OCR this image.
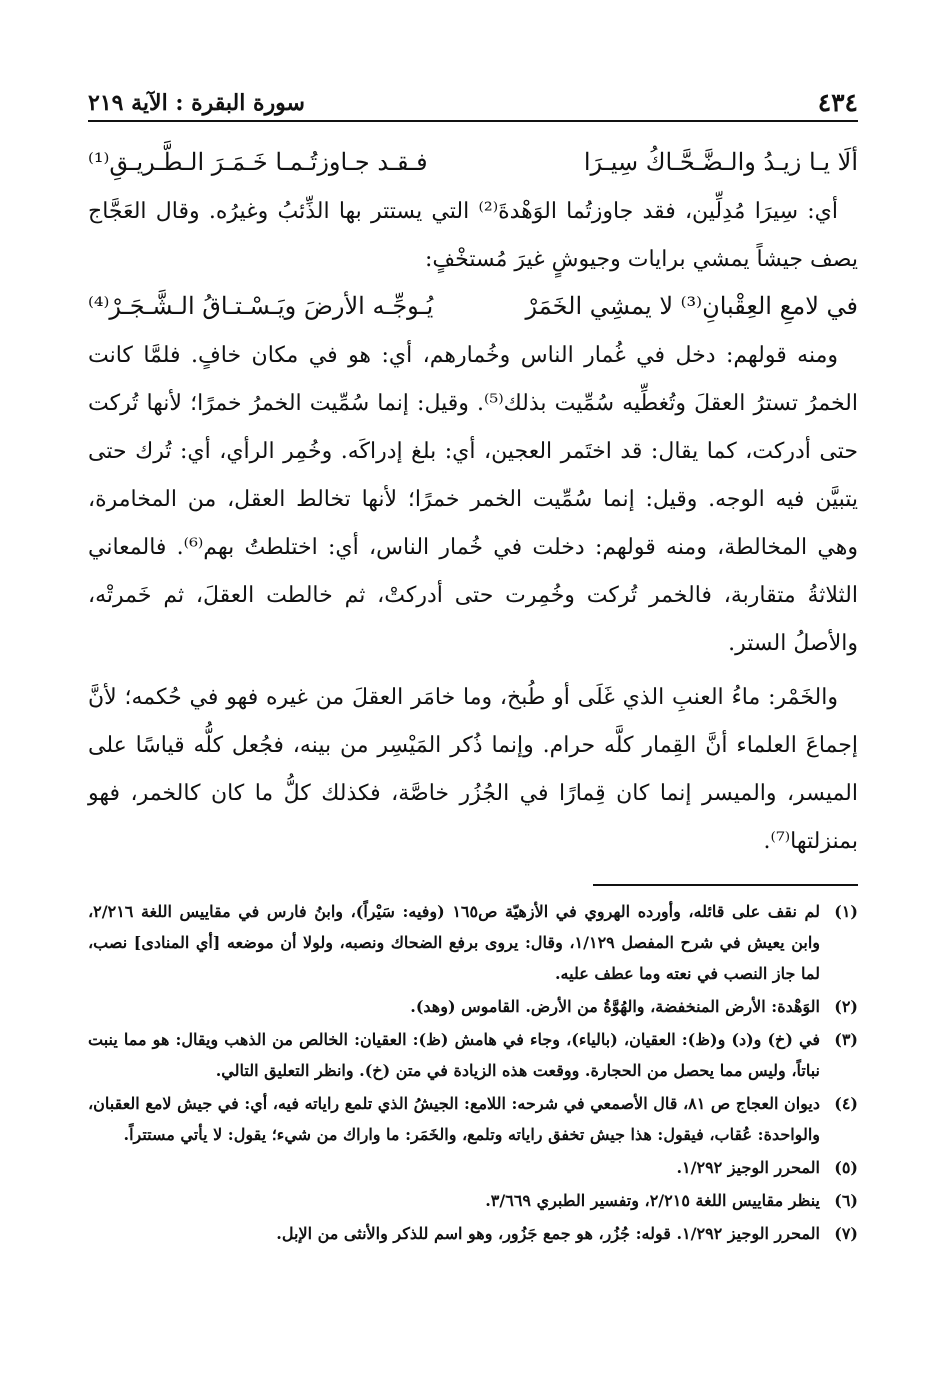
٤٣٤
سورة البقرة : الآية ٢١٩
ألَا يـا زيـدُ والـضَّـحَّـاكُ سِيـرَا
فـقـد جـاوزتُـمـا خَـمَـرَ الـطَّـريـقِ⁽¹⁾

أي: سِيرَا مُدِلِّين، فقد جاوزتُما الوَهْدةَ⁽²⁾ التي يستتر بها الذِّئبُ وغيرُه. وقال العَجَّاج يصف جيشاً يمشي برايات وجيوشٍ غيرَ مُستخْفٍ:

في لامعِ العِقْبانِ⁽³⁾ لا يمشِي الخَمَرْ
يُـوجِّـه الأرضَ ويَـسْـتـاقُ الـشَّـجَـرْ⁽⁴⁾

ومنه قولهم: دخل في غُمار الناس وخُمارهم، أي: هو في مكان خافٍ. فلمَّا كانت الخمرُ تسترُ العقلَ وتُغطِّيه سُمِّيت بذلك⁽⁵⁾. وقيل: إنما سُمِّيت الخمرُ خمرًا؛ لأنها تُركت حتى أدركت، كما يقال: قد اختَمر العجين، أي: بلغ إدراكَه. وخُمِر الرأي، أي: تُرك حتى يتبيَّن فيه الوجه. وقيل: إنما سُمِّيت الخمر خمرًا؛ لأنها تخالط العقل، من المخامرة، وهي المخالطة، ومنه قولهم: دخلت في خُمار الناس، أي: اختلطتُ بهم⁽⁶⁾. فالمعاني الثلاثةُ متقاربة، فالخمر تُركت وخُمِرت حتى أدركتْ، ثم خالطت العقلَ، ثم خَمرتْه، والأصلُ الستر.

والخَمْر: ماءُ العنبِ الذي غَلَى أو طُبخ، وما خامَر العقلَ من غيره فهو في حُكمه؛ لأنَّ إجماعَ العلماء أنَّ القِمار كلَّه حرام. وإنما ذُكر المَيْسِر من بينه، فجُعل كلُّه قياسًا على الميسر، والميسر إنما كان قِمارًا في الجُزُر خاصَّة، فكذلك كلُّ ما كان كالخمر، فهو بمنزلتها⁽⁷⁾.

(١)
لم نقف على قائله، وأورده الهروي في الأزهيّة ص١٦٥ (وفيه: سَيْراً)، وابنُ فارس في مقاييس اللغة ٢/٢١٦، وابن يعيش في شرح المفصل ١/١٢٩، وقال: يروى برفع الضحاك ونصبه، ولولا أن موضعه [أي المنادى] نصب، لما جاز النصب في نعته وما عطف عليه.
(٢)
الوَهْدة: الأرض المنخفضة، والهُوَّةُ من الأرض. القاموس (وهد).
(٣)
في (خ) و(د) و(ظ): العقيان، (بالياء)، وجاء في هامش (ظ): العقيان: الخالص من الذهب ويقال: هو مما ينبت نباتاً، وليس مما يحصل من الحجارة. ووقعت هذه الزيادة في متن (خ). وانظر التعليق التالي.
(٤)
ديوان العجاج ص ٨١، قال الأصمعي في شرحه: اللامع: الجيشُ الذي تلمع راياته فيه، أي: في جيش لامع العقبان، والواحدة: عُقاب، فيقول: هذا جيش تخفق راياته وتلمع، والخَمَر: ما واراك من شيء؛ يقول: لا يأتي مستتراً.
(٥)
المحرر الوجيز ١/٢٩٢.
(٦)
ينظر مقاييس اللغة ٢/٢١٥، وتفسير الطبري ٣/٦٦٩.
(٧)
المحرر الوجيز ١/٢٩٢. قوله: جُزُر، هو جمع جَزُور، وهو اسم للذكر والأنثى من الإبل.
